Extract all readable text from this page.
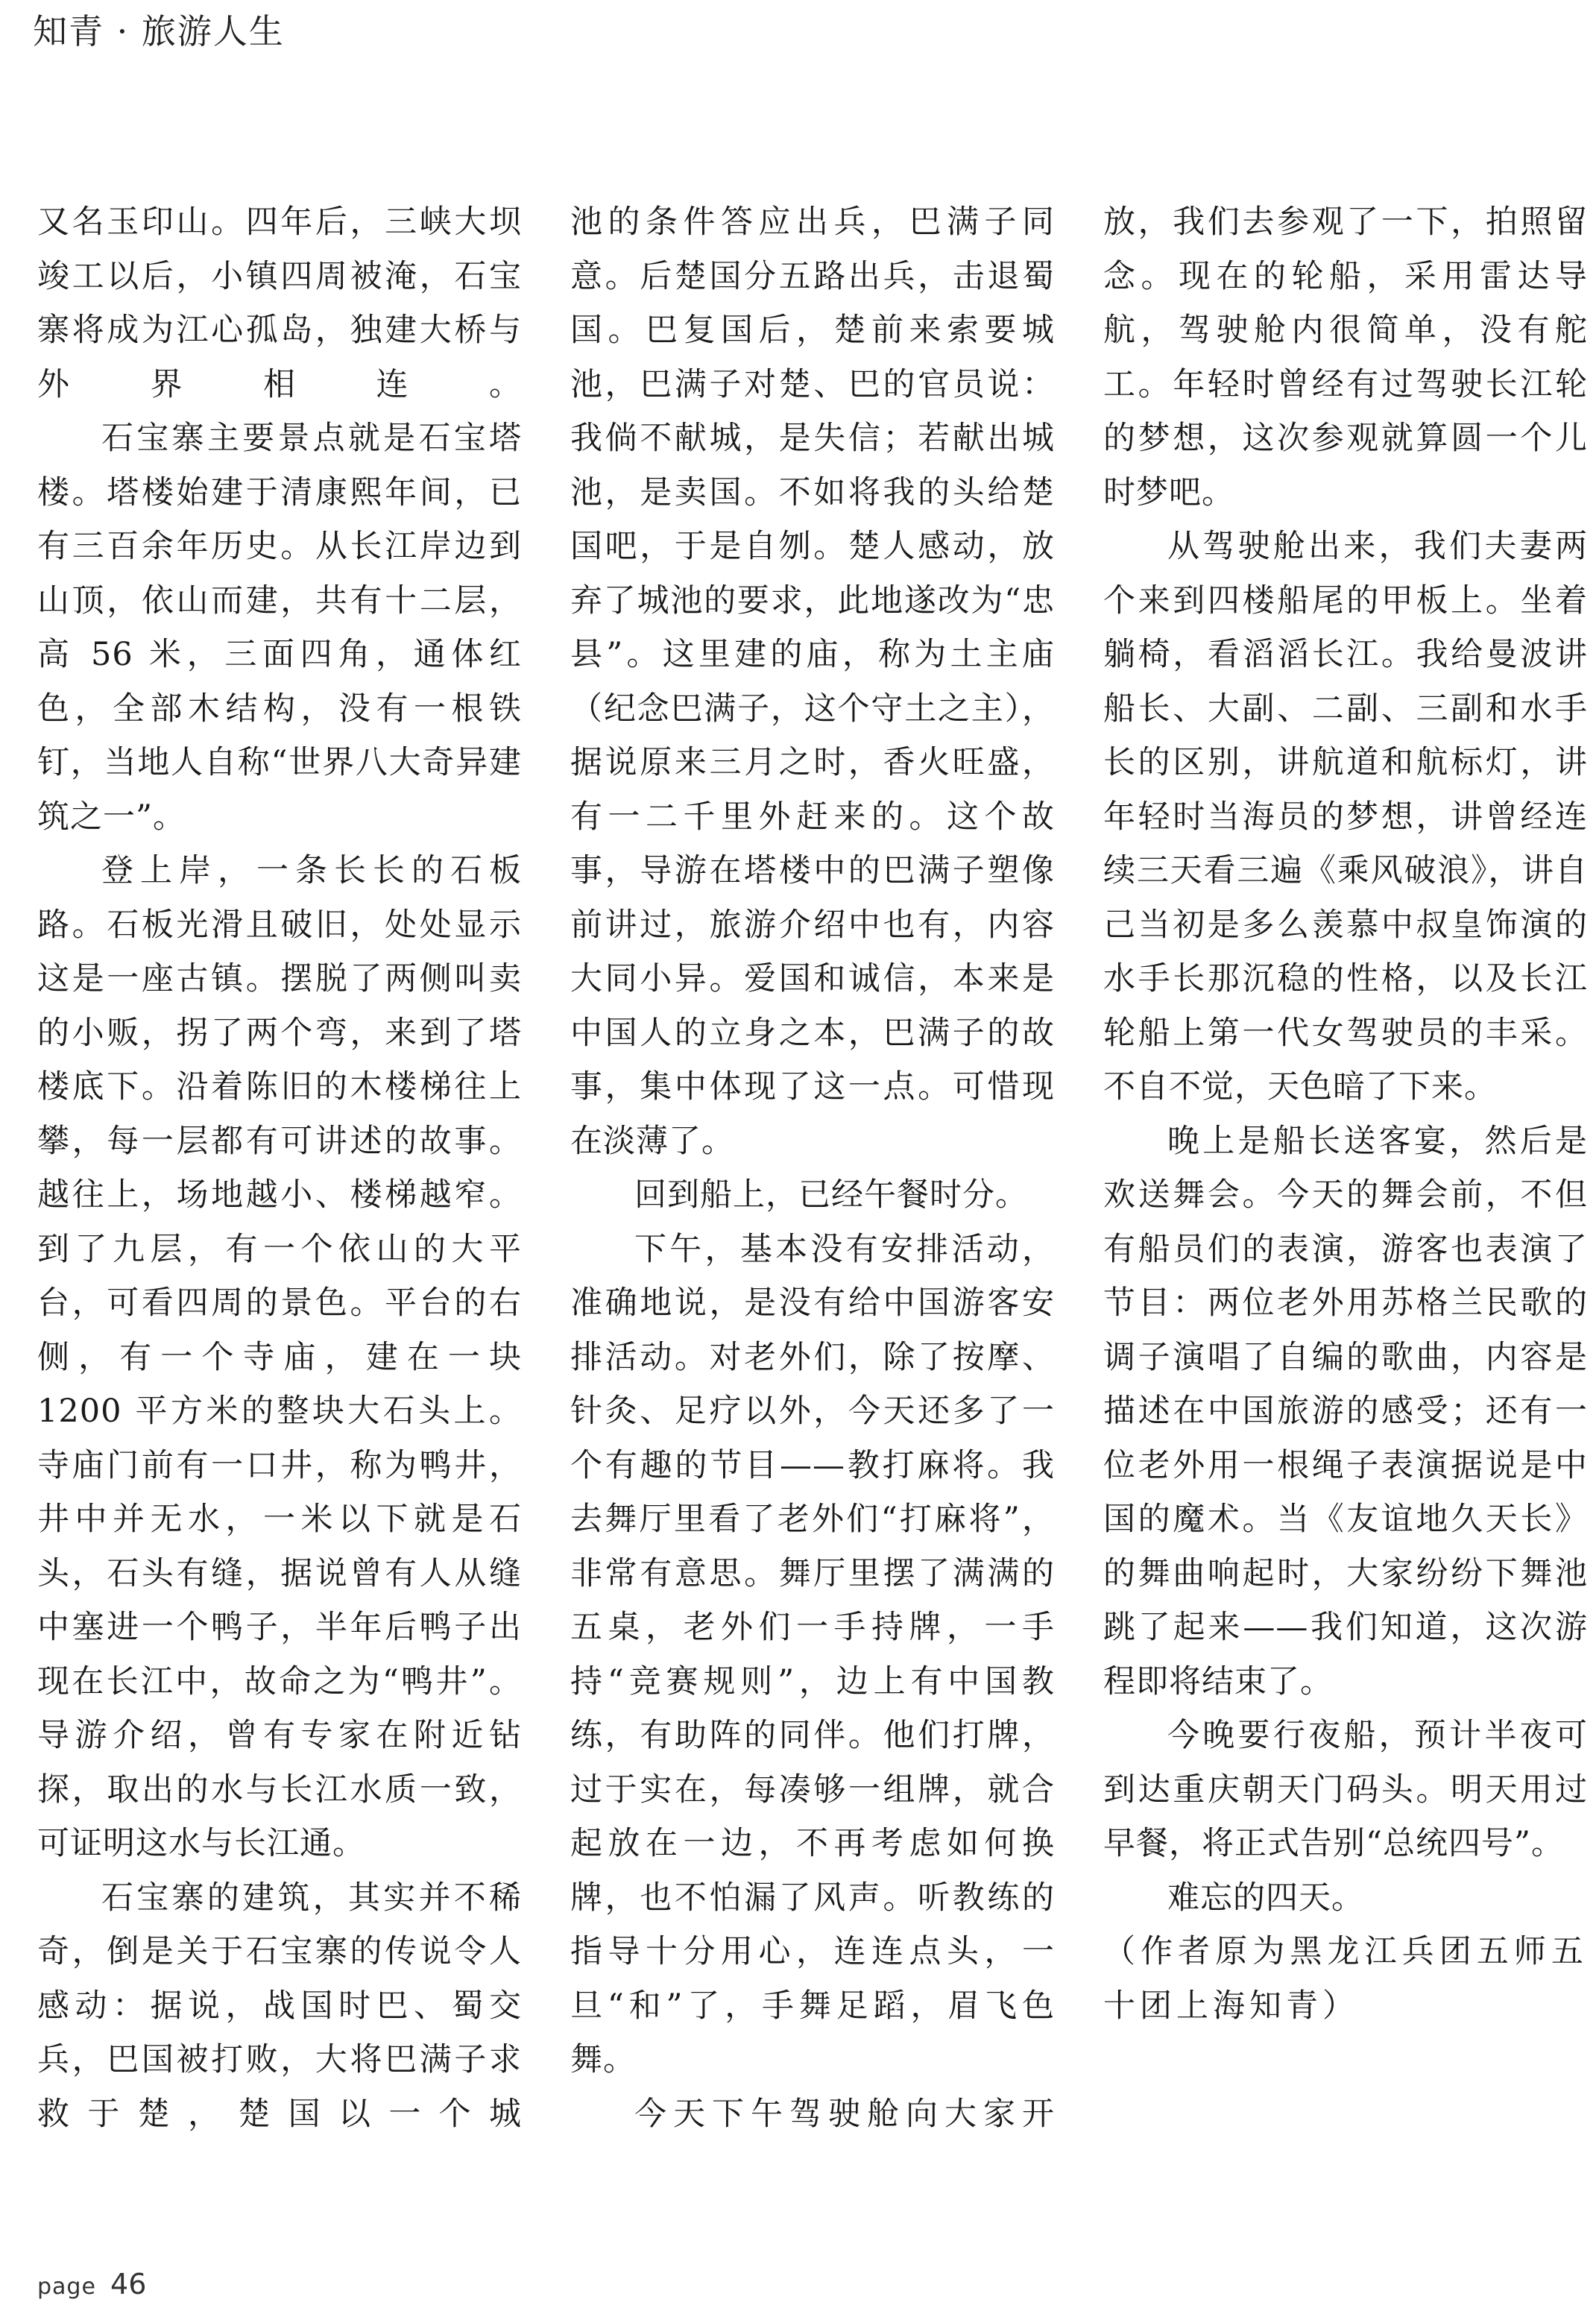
知青 · 旅游人生

又名玉印山。四年后，三峡大坝竣工以后，小镇四周被淹，石宝寨将成为江心孤岛，独建大桥与外界相连。

石宝寨主要景点就是石宝塔楼。塔楼始建于清康熙年间，已有三百余年历史。从长江岸边到山顶，依山而建，共有十二层，高 56 米，三面四角，通体红色，全部木结构，没有一根铁钉，当地人自称“世界八大奇异建筑之一”。

登上岸，一条长长的石板路。石板光滑且破旧，处处显示这是一座古镇。摆脱了两侧叫卖的小贩，拐了两个弯，来到了塔楼底下。沿着陈旧的木楼梯往上攀，每一层都有可讲述的故事。越往上，场地越小、楼梯越窄。到了九层，有一个依山的大平台，可看四周的景色。平台的右侧，有一个寺庙，建在一块 1200 平方米的整块大石头上。寺庙门前有一口井，称为鸭井，井中并无水，一米以下就是石头，石头有缝，据说曾有人从缝中塞进一个鸭子，半年后鸭子出现在长江中，故命之为“鸭井”。导游介绍，曾有专家在附近钻探，取出的水与长江水质一致，可证明这水与长江通。

石宝寨的建筑，其实并不稀奇，倒是关于石宝寨的传说令人感动：据说，战国时巴、蜀交兵，巴国被打败，大将巴满子求救于楚，楚国以一个城

池的条件答应出兵，巴满子同意。后楚国分五路出兵，击退蜀国。巴复国后，楚前来索要城池，巴满子对楚、巴的官员说：我倘不献城，是失信；若献出城池，是卖国。不如将我的头给楚国吧，于是自刎。楚人感动，放弃了城池的要求，此地遂改为“忠县”。这里建的庙，称为土主庙（纪念巴满子，这个守土之主），据说原来三月之时，香火旺盛，有一二千里外赶来的。这个故事，导游在塔楼中的巴满子塑像前讲过，旅游介绍中也有，内容大同小异。爱国和诚信，本来是中国人的立身之本，巴满子的故事，集中体现了这一点。可惜现在淡薄了。

回到船上，已经午餐时分。

下午，基本没有安排活动，准确地说，是没有给中国游客安排活动。对老外们，除了按摩、针灸、足疗以外，今天还多了一个有趣的节目——教打麻将。我去舞厅里看了老外们“打麻将”，非常有意思。舞厅里摆了满满的五桌，老外们一手持牌，一手持“竞赛规则”，边上有中国教练，有助阵的同伴。他们打牌，过于实在，每凑够一组牌，就合起放在一边，不再考虑如何换牌，也不怕漏了风声。听教练的指导十分用心，连连点头，一旦“和”了，手舞足蹈，眉飞色舞。

今天下午驾驶舱向大家开

放，我们去参观了一下，拍照留念。现在的轮船，采用雷达导航，驾驶舱内很简单，没有舵工。年轻时曾经有过驾驶长江轮的梦想，这次参观就算圆一个儿时梦吧。

从驾驶舱出来，我们夫妻两个来到四楼船尾的甲板上。坐着躺椅，看滔滔长江。我给曼波讲船长、大副、二副、三副和水手长的区别，讲航道和航标灯，讲年轻时当海员的梦想，讲曾经连续三天看三遍《乘风破浪》，讲自己当初是多么羡慕中叔皇饰演的水手长那沉稳的性格，以及长江轮船上第一代女驾驶员的丰采。不自不觉，天色暗了下来。

晚上是船长送客宴，然后是欢送舞会。今天的舞会前，不但有船员们的表演，游客也表演了节目：两位老外用苏格兰民歌的调子演唱了自编的歌曲，内容是描述在中国旅游的感受；还有一位老外用一根绳子表演据说是中国的魔术。当《友谊地久天长》的舞曲响起时，大家纷纷下舞池跳了起来——我们知道，这次游程即将结束了。

今晚要行夜船，预计半夜可到达重庆朝天门码头。明天用过早餐，将正式告别“总统四号”。

难忘的四天。

（作者原为黑龙江兵团五师五十团上海知青）

page 46
